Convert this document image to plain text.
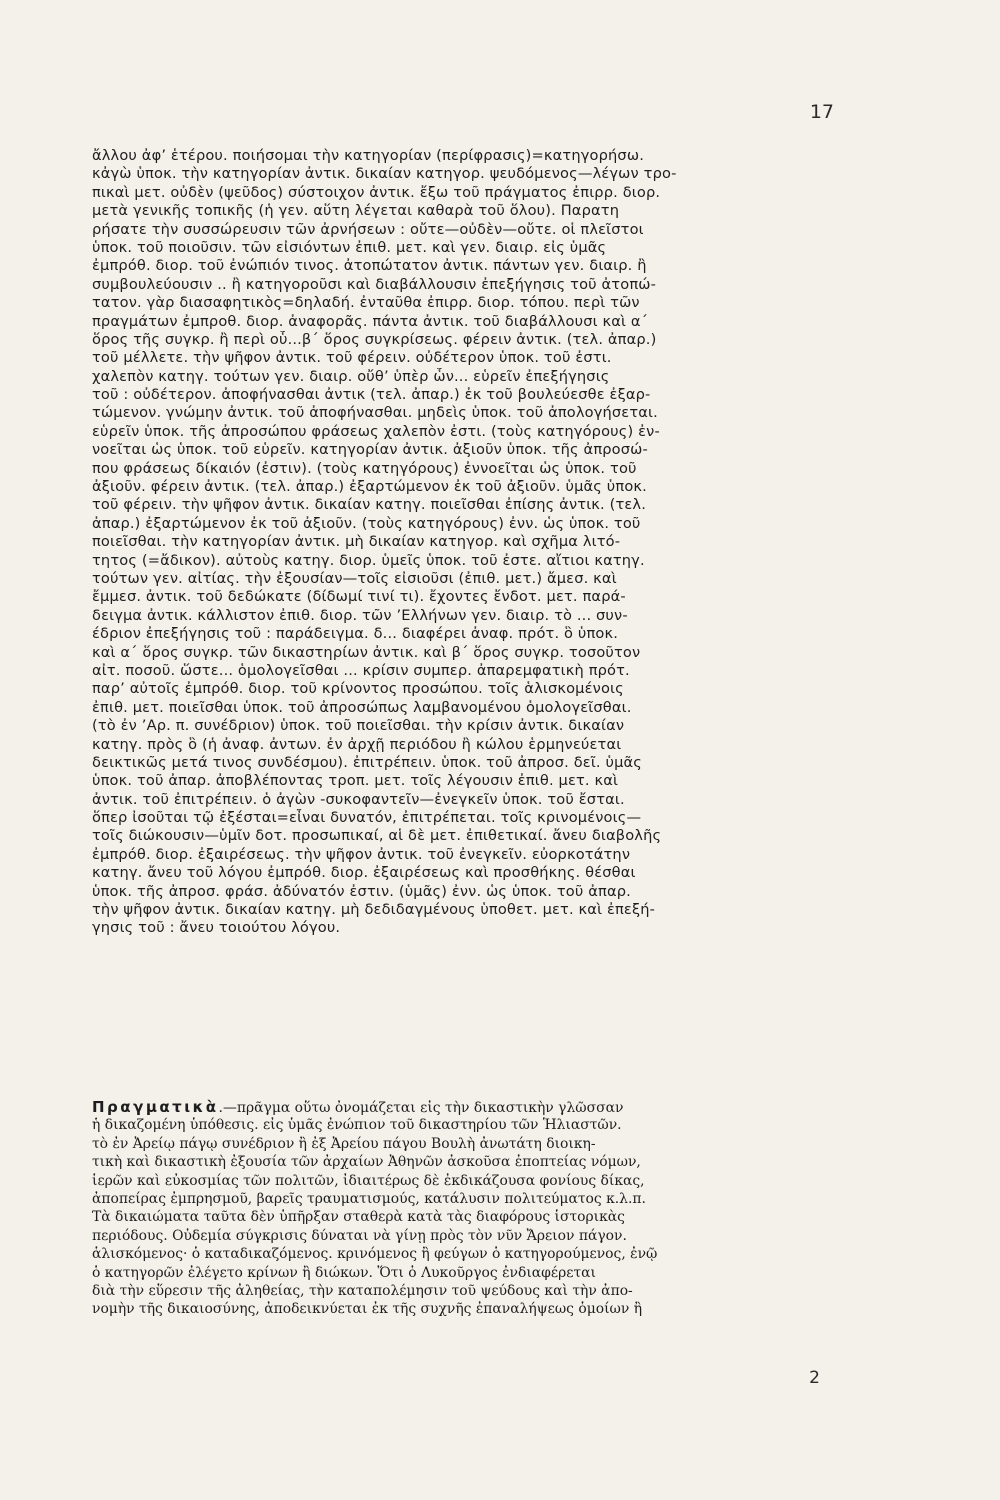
17
ἄλλου ἀφ’ ἑτέρου. ποιήσομαι τὴν κατηγορίαν (περίφρασις)=κατηγορήσω.
κἀγὼ ὑποκ. τὴν κατηγορίαν ἀντικ. δικαίαν κατηγορ. ψευδόμενος—λέγων τρο-
πικαὶ μετ. οὐδὲν (ψεῦδος) σύστοιχον ἀντικ. ἔξω τοῦ πράγματος ἐπιρρ. διορ.
μετὰ γενικῆς τοπικῆς (ἡ γεν. αὕτη λέγεται καθαρὰ τοῦ ὅλου). Παρατη
ρήσατε τὴν συσσώρευσιν τῶν ἀρνήσεων : οὔτε—οὐδὲν—οὔτε. οἱ πλεῖστοι
ὑποκ. τοῦ ποιοῦσιν. τῶν εἰσιόντων ἐπιθ. μετ. καὶ γεν. διαιρ. εἰς ὑμᾶς
ἐμπρόθ. διορ. τοῦ ἐνώπιόν τινος. ἀτοπώτατον ἀντικ. πάντων γεν. διαιρ. ἢ
συμβουλεύουσιν .. ἢ κατηγοροῦσι καὶ διαβάλλουσιν ἐπεξήγησις τοῦ ἀτοπώ-
τατον. γὰρ διασαφητικὸς=δηλαδή. ἐνταῦθα ἐπιρρ. διορ. τόπου. περὶ τῶν
πραγμάτων ἐμπροθ. διορ. ἀναφορᾶς. πάντα ἀντικ. τοῦ διαβάλλουσι καὶ α΄
ὅρος τῆς συγκρ. ἢ περὶ οὗ...β΄ ὅρος συγκρίσεως. φέρειν ἀντικ. (τελ. ἀπαρ.)
τοῦ μέλλετε. τὴν ψῆφον ἀντικ. τοῦ φέρειν. οὐδέτερον ὑποκ. τοῦ ἐστι.
χαλεπὸν κατηγ. τούτων γεν. διαιρ. οὔθ’ ὑπὲρ ὧν... εὑρεῖν ἐπεξήγησις
τοῦ : οὐδέτερον. ἀποφήνασθαι ἀντικ (τελ. ἀπαρ.) ἐκ τοῦ βουλεύεσθε ἐξαρ-
τώμενον. γνώμην ἀντικ. τοῦ ἀποφήνασθαι. μηδεὶς ὑποκ. τοῦ ἀπολογήσεται.
εὑρεῖν ὑποκ. τῆς ἀπροσώπου φράσεως χαλεπὸν ἐστι. (τοὺς κατηγόρους) ἐν-
νοεῖται ὡς ὑποκ. τοῦ εὑρεῖν. κατηγορίαν ἀντικ. ἀξιοῦν ὑποκ. τῆς ἀπροσώ-
που φράσεως δίκαιόν (ἐστιν). (τοὺς κατηγόρους) ἐννοεῖται ὡς ὑποκ. τοῦ
ἀξιοῦν. φέρειν ἀντικ. (τελ. ἀπαρ.) ἐξαρτώμενον ἐκ τοῦ ἀξιοῦν. ὑμᾶς ὑποκ.
τοῦ φέρειν. τὴν ψῆφον ἀντικ. δικαίαν κατηγ. ποιεῖσθαι ἐπίσης ἀντικ. (τελ.
ἀπαρ.) ἐξαρτώμενον ἐκ τοῦ ἀξιοῦν. (τοὺς κατηγόρους) ἐνν. ὡς ὑποκ. τοῦ
ποιεῖσθαι. τὴν κατηγορίαν ἀντικ. μὴ δικαίαν κατηγορ. καὶ σχῆμα λιτό-
τητος (=ἄδικον). αὐτοὺς κατηγ. διορ. ὑμεῖς ὑποκ. τοῦ ἐστε. αἴτιοι κατηγ.
τούτων γεν. αἰτίας. τὴν ἐξουσίαν—τοῖς εἰσιοῦσι (ἐπιθ. μετ.) ἄμεσ. καὶ
ἔμμεσ. ἀντικ. τοῦ δεδώκατε (δίδωμί τινί τι). ἔχοντες ἔνδοτ. μετ. παρά-
δειγμα ἀντικ. κάλλιστον ἐπιθ. διορ. τῶν ’Ελλήνων γεν. διαιρ. τὸ ... συν-
έδριον ἐπεξήγησις τοῦ : παράδειγμα. δ... διαφέρει ἀναφ. πρότ. ὃ ὑποκ.
καὶ α΄ ὅρος συγκρ. τῶν δικαστηρίων ἀντικ. καὶ β΄ ὅρος συγκρ. τοσοῦτον
αἰτ. ποσοῦ. ὥστε... ὁμολογεῖσθαι ... κρίσιν συμπερ. ἀπαρεμφατικὴ πρότ.
παρ’ αὐτοῖς ἐμπρόθ. διορ. τοῦ κρίνοντος προσώπου. τοῖς ἁλισκομένοις
ἐπιθ. μετ. ποιεῖσθαι ὑποκ. τοῦ ἀπροσώπως λαμβανομένου ὁμολογεῖσθαι.
(τὸ ἐν ’Αρ. π. συνέδριον) ὑποκ. τοῦ ποιεῖσθαι. τὴν κρίσιν ἀντικ. δικαίαν
κατηγ. πρὸς ὃ (ἡ ἀναφ. ἀντων. ἐν ἀρχῇ περιόδου ἢ κώλου ἑρμηνεύεται
δεικτικῶς μετά τινος συνδέσμου). ἐπιτρέπειν. ὑποκ. τοῦ ἀπροσ. δεῖ. ὑμᾶς
ὑποκ. τοῦ ἀπαρ. ἀποβλέποντας τροπ. μετ. τοῖς λέγουσιν ἐπιθ. μετ. καὶ
ἀντικ. τοῦ ἐπιτρέπειν. ὁ ἀγὼν -συκοφαντεῖν—ἐνεγκεῖν ὑποκ. τοῦ ἔσται.
ὅπερ ἰσοῦται τῷ ἐξέσται=εἶναι δυνατόν, ἐπιτρέπεται. τοῖς κρινομένοις—
τοῖς διώκουσιν—ὑμῖν δοτ. προσωπικαί, αἱ δὲ μετ. ἐπιθετικαί. ἄνευ διαβολῆς
ἐμπρόθ. διορ. ἐξαιρέσεως. τὴν ψῆφον ἀντικ. τοῦ ἐνεγκεῖν. εὐορκοτάτην
κατηγ. ἄνευ τοῦ λόγου ἐμπρόθ. διορ. ἐξαιρέσεως καὶ προσθήκης. θέσθαι
ὑποκ. τῆς ἀπροσ. φράσ. ἀδύνατόν ἐστιν. (ὑμᾶς) ἐνν. ὡς ὑποκ. τοῦ ἀπαρ.
τὴν ψῆφον ἀντικ. δικαίαν κατηγ. μὴ δεδιδαγμένους ὑποθετ. μετ. καὶ ἐπεξή-
γησις τοῦ : ἄνευ τοιούτου λόγου.
Πραγματικὰ.—πρᾶγμα οὕτω ὀνομάζεται εἰς τὴν δικαστικὴν γλῶσσαν
ἡ δικαζομένη ὑπόθεσις. εἰς ὑμᾶς ἐνώπιον τοῦ δικαστηρίου τῶν Ἡλιαστῶν.
τὸ ἐν Ἀρείῳ πάγῳ συνέδριον ἢ ἐξ Ἀρείου πάγου Βουλὴ ἀνωτάτη διοικη-
τικὴ καὶ δικαστικὴ ἐξουσία τῶν ἀρχαίων Ἀθηνῶν ἀσκοῦσα ἐποπτείας νόμων,
ἱερῶν καὶ εὐκοσμίας τῶν πολιτῶν, ἰδιαιτέρως δὲ ἐκδικάζουσα φονίους δίκας,
ἀποπείρας ἐμπρησμοῦ, βαρεῖς τραυματισμούς, κατάλυσιν πολιτεύματος κ.λ.π.
Τὰ δικαιώματα ταῦτα δὲν ὑπῆρξαν σταθερὰ κατὰ τὰς διαφόρους ἱστορικὰς
περιόδους. Οὐδεμία σύγκρισις δύναται νὰ γίνῃ πρὸς τὸν νῦν Ἄρειον πάγον.
ἁλισκόμενος· ὁ καταδικαζόμενος. κρινόμενος ἢ φεύγων ὁ κατηγορούμενος, ἐνῷ
ὁ κατηγορῶν ἐλέγετο κρίνων ἢ διώκων. Ὅτι ὁ Λυκοῦργος ἐνδιαφέρεται
διὰ τὴν εὕρεσιν τῆς ἀληθείας, τὴν καταπολέμησιν τοῦ ψεύδους καὶ τὴν ἀπο-
νομὴν τῆς δικαιοσύνης, ἀποδεικνύεται ἐκ τῆς συχνῆς ἐπαναλήψεως ὁμοίων ἢ
2
